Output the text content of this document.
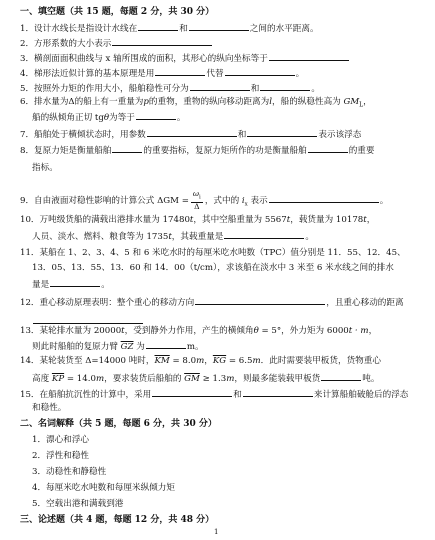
一、填空题（共 15 题，每题 2 分，共 30 分）
1．设计水线长是指设计水线在	和	之间的水平距离。
2．方形系数的大小表示
3．横剖面面积曲线与 x 轴所围成的面积，其形心的纵向坐标等于
4．梯形法近似计算的基本原理是用	代替	。
5．按照外力矩的作用大小，船舶稳性可分为	和	。
6．排水量为Δ的船上有一重量为p的重物，重物的纵向移动距离为l，船的纵稳性高为 $GM_L$，
船的纵倾角正切 tgθ为等于	。
7．船舶处于横倾状态时，用参数	和	表示该浮态
8．复原力矩是衡量船舶	的重要指标，复原力矩所作的功是衡量船舶	的重要
指标。
9．自由液面对稳性影响的计算公式 $\Delta GM = \frac{\omega_i}{\Delta}$ ，式中的 $i_x$ 表示	。
10．万吨级货船的满载出港排水量为 17480t，其中空船重量为 5567t，载货量为 10178t，
人员、淡水、燃料、粮食等为 1735t，其载重量是	。
11．某船在 1、2、3、4、5 和 6 米吃水时的每厘米吃水吨数（TPC）值分别是 11．55、12．45、
13．05、13．55、13．60 和 14．00（t/cm），求该船在淡水中 3 米至 6 米水线之间的排水
量是	。
12．重心移动原理表明：整个重心的移动方向	，且重心移动的距离
13．某轮排水量为 20000t，受到静外力作用，产生的横倾角θ = 5°，外力矩为 6000t · m，
则此时船舶的复原力臂 $\overline{GZ}$ 为	m。
14．某轮装货至 Δ=14000 吨时，$\overline{KM} = 8.0m$，$\overline{KG} = 6.5m$．此时需要装甲板货，货物重心
高度 $\overline{KP} = 14.0m$，要求装货后船舶的 $\overline{GM} \ge 1.3m$，则最多能装载甲板货	吨。
15．在船舶抗沉性的计算中，采用	和	来计算船舶破舱后的浮态
和稳性。
二、名词解释（共 5 题，每题 6 分，共 30 分）
1．漂心和浮心
2．浮性和稳性
3．动稳性和静稳性
4．每厘米吃水吨数和每厘米纵倾力矩
5．空载出港和满载到港
三、论述题（共 4 题，每题 12 分，共 48 分）
1
